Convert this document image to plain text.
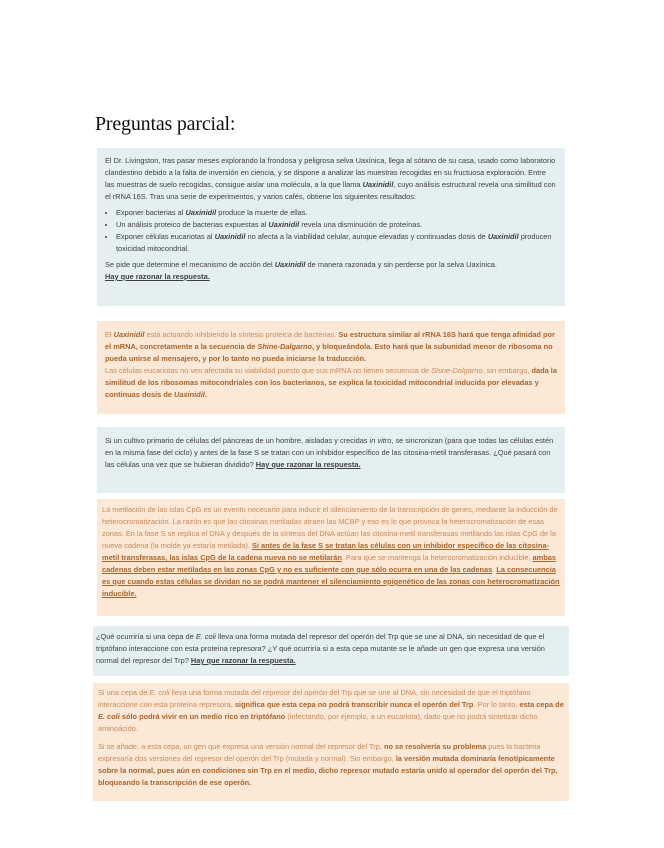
Preguntas parcial:

El Dr. Livingston, tras pasar meses explorando la frondosa y peligrosa selva Uaxínica, llega al sótano de su casa, usado como laboratorio clandestino debido a la falta de inversión en ciencia, y se dispone a analizar las muestras recogidas en su fructuosa exploración. Entre las muestras de suelo recogidas, consigue aislar una molécula, a la que llama Uaxinidil, cuyo análisis estructural revela una similitud con el rRNA 16S. Tras una serie de experimentos, y varios cafés, obtiene los siguientes resultados:

• Exponer bacterias al Uaxinidil produce la muerte de ellas.
• Un análisis proteico de bacterias expuestas al Uaxinidil revela una disminución de proteínas.
• Exponer células eucariotas al Uaxinidil no afecta a la viabilidad celular, aunque elevadas y continuadas dosis de Uaxinidil producen toxicidad mitocondrial.

Se pide que determine el mecanismo de acción del Uaxinidil de manera razonada y sin perderse por la selva Uaxínica.

Hay que razonar la respuesta.

El Uaxinidil está actuando inhibiendo la síntesis proteica de bacterias. Su estructura similar al rRNA 16S hará que tenga afinidad por el mRNA, concretamente a la secuencia de Shine-Dalgarno, y bloqueándola. Esto hará que la subunidad menor de ribosoma no pueda unirse al mensajero, y por lo tanto no pueda iniciarse la traducción.

Las células eucariotas no ven afectada su viabilidad puesto que sus mRNA no tienen secuencia de Shine-Dalgarno, sin embargo, dada la similitud de los ribosomas mitocondriales con los bacterianos, se explica la toxicidad mitocondrial inducida por elevadas y continuas dosis de Uaxinidil.

Si un cultivo primario de células del páncreas de un hombre, aisladas y crecidas in vitro, se sincronizan (para que todas las células estén en la misma fase del ciclo) y antes de la fase S se tratan con un inhibidor específico de las citosina-metil transferasas. ¿Qué pasará con las células una vez que se hubieran dividido? Hay que razonar la respuesta.

La metilación de las islas CpG es un evento necesario para inducir el silenciamiento de la transcripción de genes, mediante la inducción de heterocromatización. La razón es que las citosinas metiladas atraen las MCBP y eso es lo que provoca la heterocromatización de esas zonas. En la fase S se replica el DNA y después de la síntesis del DNA actúan las citosina-metil transferasas metilando las islas CpG de la nueva cadena (la molde ya estaría metilada). Si antes de la fase S se tratan las células con un inhibidor específico de las citosina-metil transferasas, las islas CpG de la cadena nueva no se metilarán. Para que se mantenga la heterocromatización inducible, ambas cadenas deben estar metiladas en las zonas CpG y no es suficiente con que sólo ocurra en una de las cadenas. La consecuencia es que cuando estas células se dividan no se podrá mantener el silenciamiento epigenético de las zonas con heterocromatización inducible.

¿Qué ocurriría si una cepa de E. coli lleva una forma mutada del represor del operón del Trp que se une al DNA, sin necesidad de que el triptófano interaccione con esta proteína represora? ¿Y qué ocurriría si a esta cepa mutante se le añade un gen que expresa una versión normal del represor del Trp? Hay que razonar la respuesta.

Si una cepa de E. coli lleva una forma mutada del represor del operón del Trp que se une al DNA, sin necesidad de que el triptófano interaccione con esta proteína represora, significa que esta cepa no podrá transcribir nunca el operón del Trp. Por lo tanto, esta cepa de E. coli sólo podrá vivir en un medio rico en triptófano (infectando, por ejemplo, a un eucariota), dado que no podrá sintetizar dicho aminoácido.

Si se añade, a esta cepa, un gen que expresa una versión normal del represor del Trp, no se resolvería su problema pues la bacteria expresaría dos versiones del represor del operón del Trp (mutada y normal). Sin embargo, la versión mutada dominaría fenotípicamente sobre la normal, pues aún en condiciones sin Trp en el medio, dicho represor mutado estaría unido al operador del operón del Trp, bloqueando la transcripción de ese operón.
